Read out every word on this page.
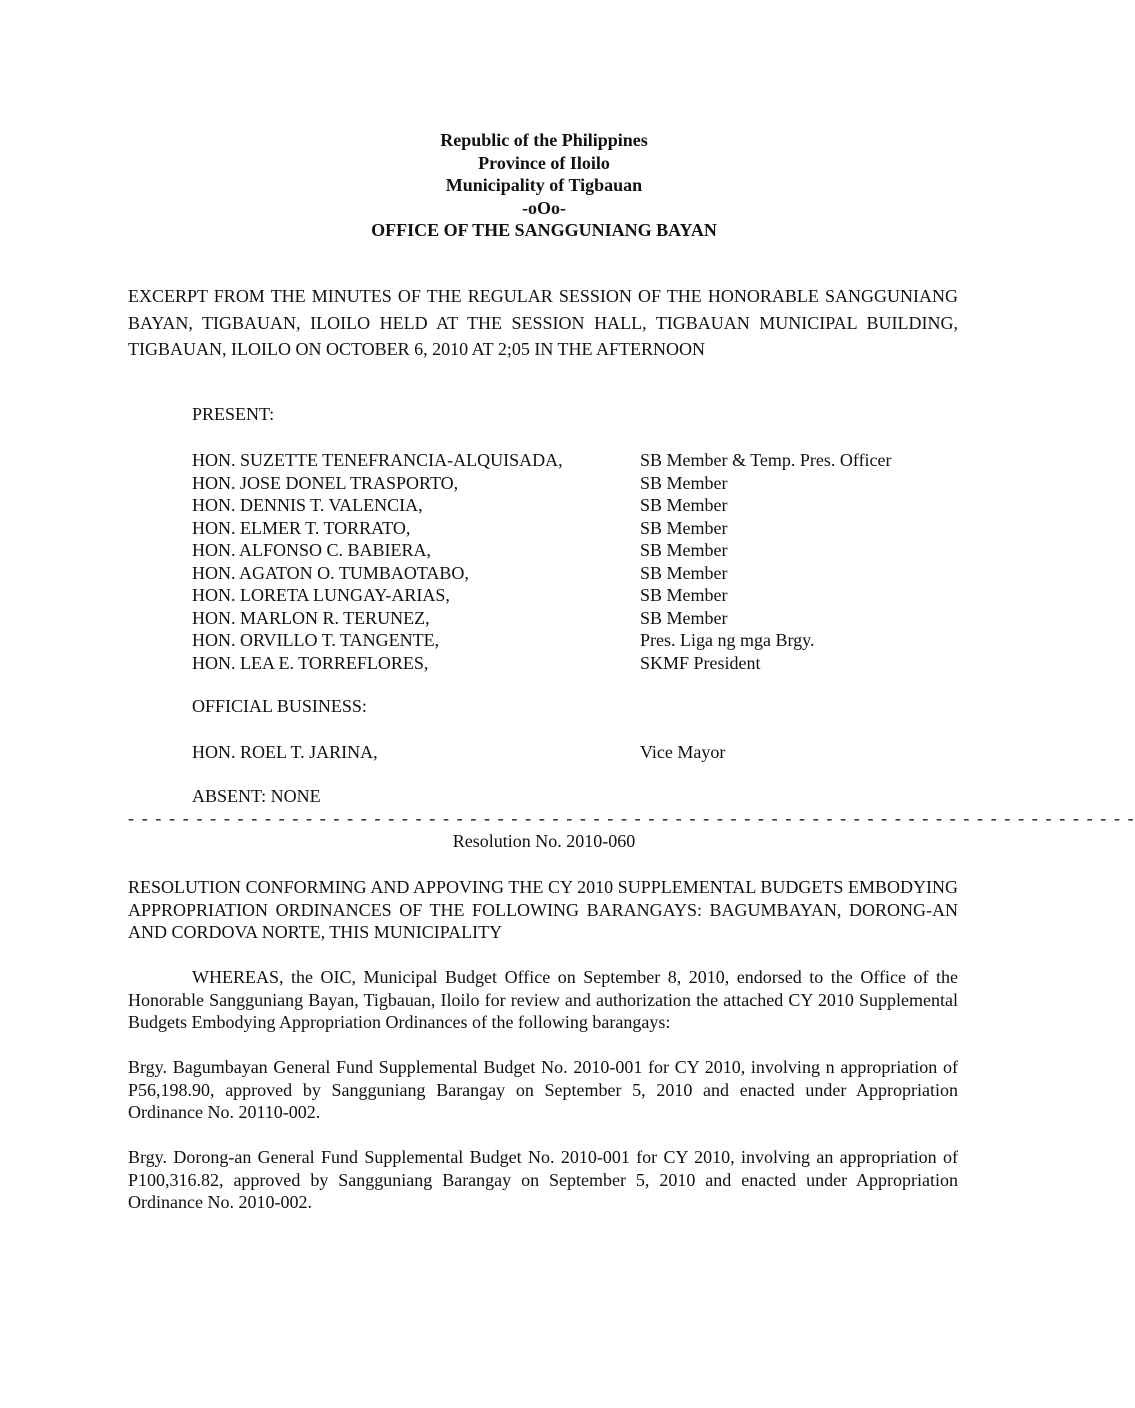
Republic of the Philippines
Province of Iloilo
Municipality of Tigbauan
-oOo-
OFFICE OF THE SANGGUNIANG BAYAN
EXCERPT FROM THE MINUTES OF THE REGULAR SESSION OF THE HONORABLE SANGGUNIANG BAYAN, TIGBAUAN, ILOILO HELD AT THE SESSION HALL, TIGBAUAN MUNICIPAL BUILDING, TIGBAUAN, ILOILO ON OCTOBER 6, 2010 AT 2;05 IN THE AFTERNOON
PRESENT:
HON. SUZETTE TENEFRANCIA-ALQUISADA,	SB Member & Temp. Pres. Officer
HON. JOSE DONEL TRASPORTO,	SB Member
HON. DENNIS T. VALENCIA,	SB Member
HON. ELMER T. TORRATO,	SB Member
HON. ALFONSO C. BABIERA,	SB Member
HON. AGATON O. TUMBAOTABO,	SB Member
HON. LORETA LUNGAY-ARIAS,	SB Member
HON. MARLON R. TERUNEZ,	SB Member
HON. ORVILLO T. TANGENTE,	Pres. Liga ng mga Brgy.
HON. LEA E. TORREFLORES,	SKMF President
OFFICIAL BUSINESS:
HON. ROEL T. JARINA,	Vice Mayor
ABSENT: NONE
- - - - - - - - - - - - - - - - - - - - - - - - - - - - - - - - - - - - - - - - - - - - - - - - - - - - - - - - - - - - - - - - - - - - - - - - - -
Resolution No. 2010-060
RESOLUTION CONFORMING AND APPOVING THE CY 2010 SUPPLEMENTAL BUDGETS EMBODYING APPROPRIATION ORDINANCES OF THE FOLLOWING BARANGAYS: BAGUMBAYAN, DORONG-AN AND CORDOVA NORTE, THIS MUNICIPALITY
WHEREAS, the OIC, Municipal Budget Office on September 8, 2010, endorsed to the Office of the Honorable Sangguniang Bayan, Tigbauan, Iloilo for review and authorization the attached CY 2010 Supplemental Budgets Embodying Appropriation Ordinances of the following barangays:
Brgy. Bagumbayan General Fund Supplemental Budget No. 2010-001 for CY 2010, involving n appropriation of P56,198.90, approved by Sangguniang Barangay on September 5, 2010 and enacted under Appropriation Ordinance No. 20110-002.
Brgy. Dorong-an General Fund Supplemental Budget No. 2010-001 for CY 2010, involving an appropriation of P100,316.82, approved by Sangguniang Barangay on September 5, 2010 and enacted under Appropriation Ordinance No. 2010-002.
